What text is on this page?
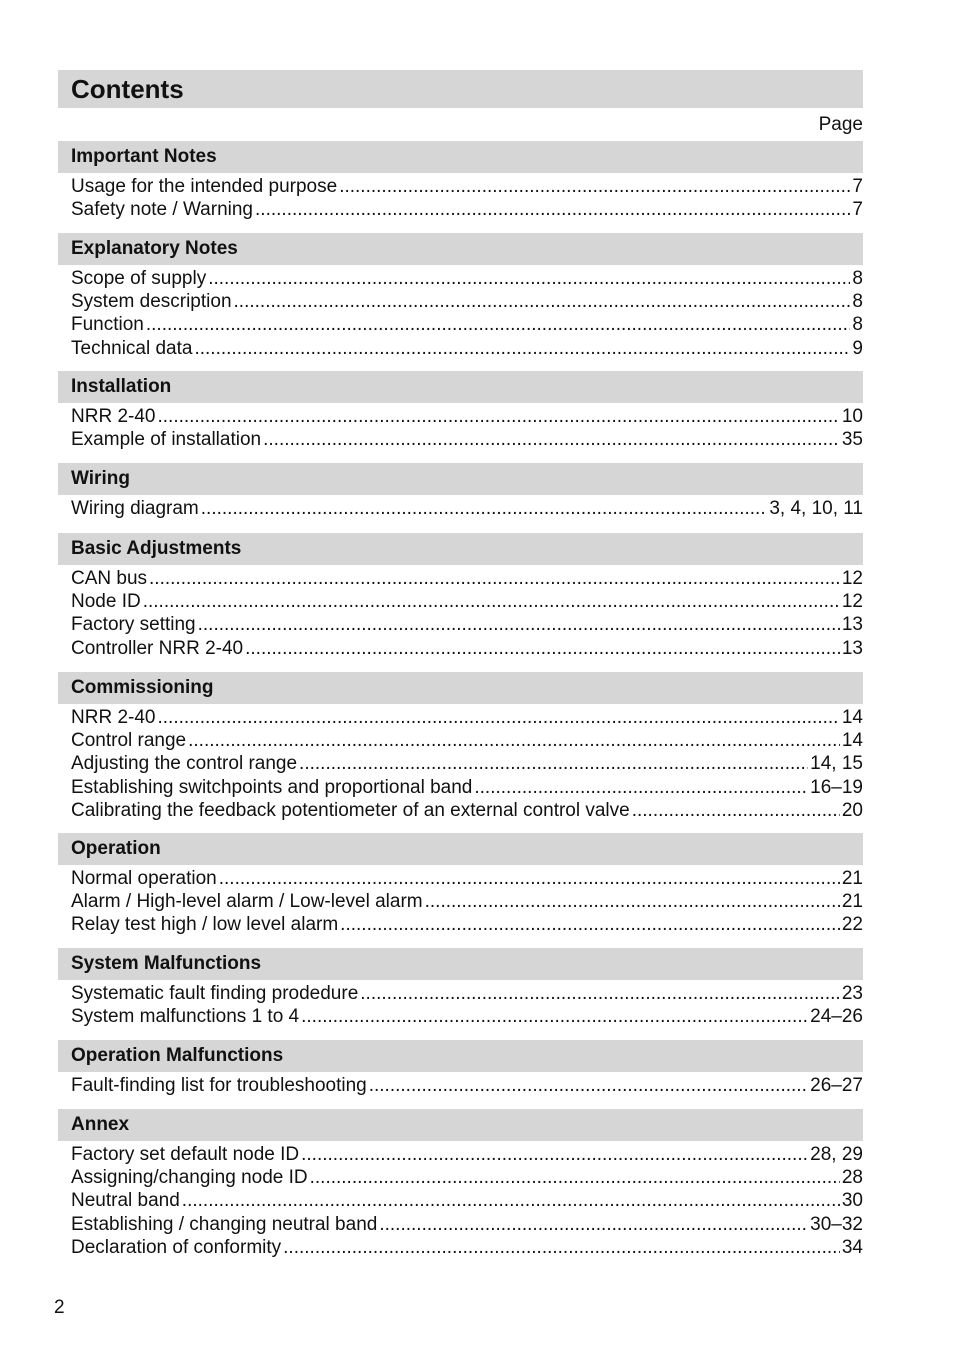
Contents
Page
Important Notes
Usage for the intended purpose .....	7
Safety note / Warning .....	7
Explanatory Notes
Scope of supply .....	8
System description .....	8
Function .....	8
Technical data .....	9
Installation
NRR 2-40 .....	10
Example of installation .....	35
Wiring
Wiring diagram .....	3, 4, 10, 11
Basic Adjustments
CAN bus .....	12
Node ID .....	12
Factory setting .....	13
Controller NRR 2-40 .....	13
Commissioning
NRR 2-40 .....	14
Control range .....	14
Adjusting the control range .....	14, 15
Establishing switchpoints and proportional band .....	16–19
Calibrating the feedback potentiometer of an external control valve .....	20
Operation
Normal operation .....	21
Alarm / High-level alarm / Low-level alarm .....	21
Relay test high / low level alarm .....	22
System Malfunctions
Systematic fault finding prodedure .....	23
System malfunctions 1 to 4 .....	24–26
Operation Malfunctions
Fault-finding list for troubleshooting .....	26–27
Annex
Factory set default node ID .....	28, 29
Assigning/changing node ID .....	28
Neutral band .....	30
Establishing / changing neutral band .....	30–32
Declaration of conformity .....	34
2
